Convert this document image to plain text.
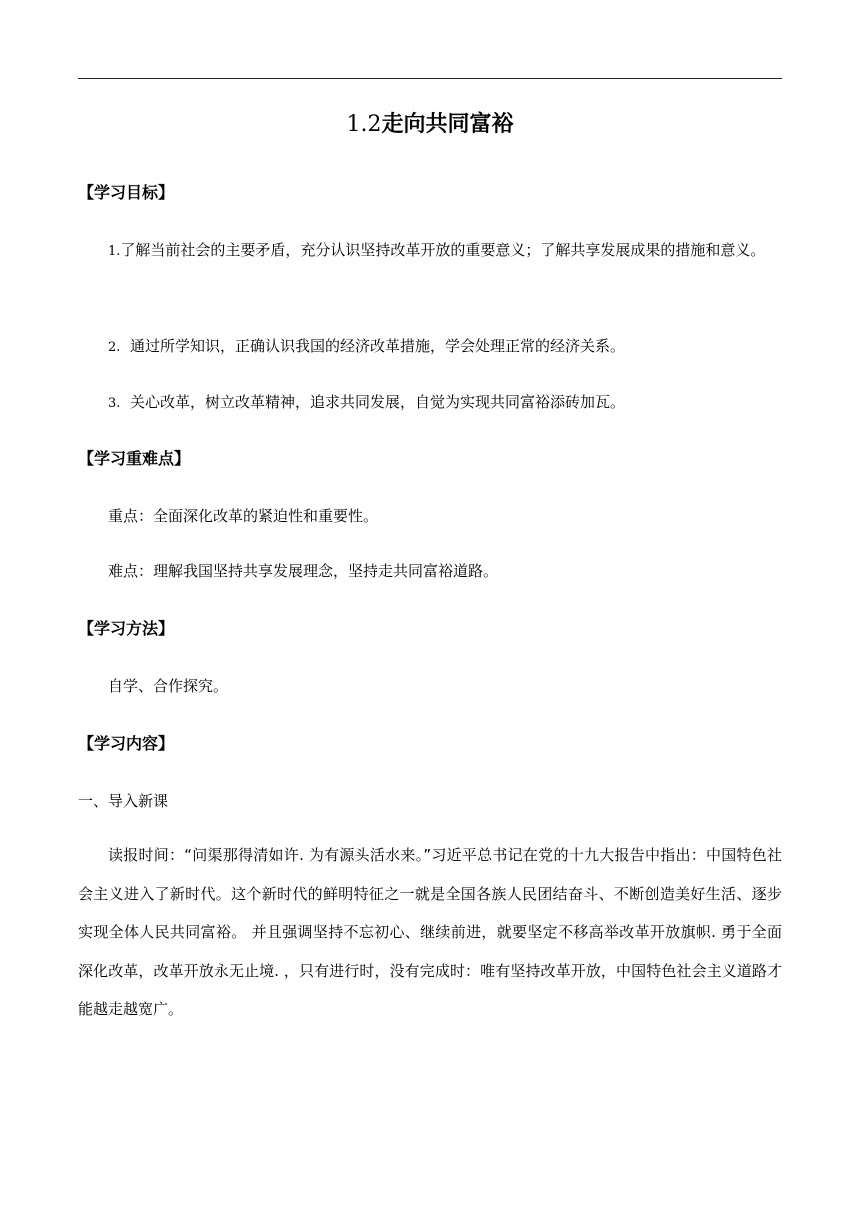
1.2走向共同富裕
【学习目标】
1.了解当前社会的主要矛盾，充分认识坚持改革开放的重要意义；了解共享发展成果的措施和意义。
2. 通过所学知识，正确认识我国的经济改革措施，学会处理正常的经济关系。
3. 关心改革，树立改革精神，追求共同发展，自觉为实现共同富裕添砖加瓦。
【学习重难点】
重点：全面深化改革的紧迫性和重要性。
难点：理解我国坚持共享发展理念，坚持走共同富裕道路。
【学习方法】
自学、合作探究。
【学习内容】
一、导入新课
读报时间：“问渠那得清如许. 为有源头活水来。”习近平总书记在党的十九大报告中指出：中国特色社会主义进入了新时代。这个新时代的鲜明特征之一就是全国各族人民团结奋斗、不断创造美好生活、逐步实现全体人民共同富裕。 并且强调坚持不忘初心、继续前进，就要坚定不移高举改革开放旗帜. 勇于全面深化改革，改革开放永无止境. ，只有进行时，没有完成时：唯有坚持改革开放，中国特色社会主义道路才能越走越宽广。
